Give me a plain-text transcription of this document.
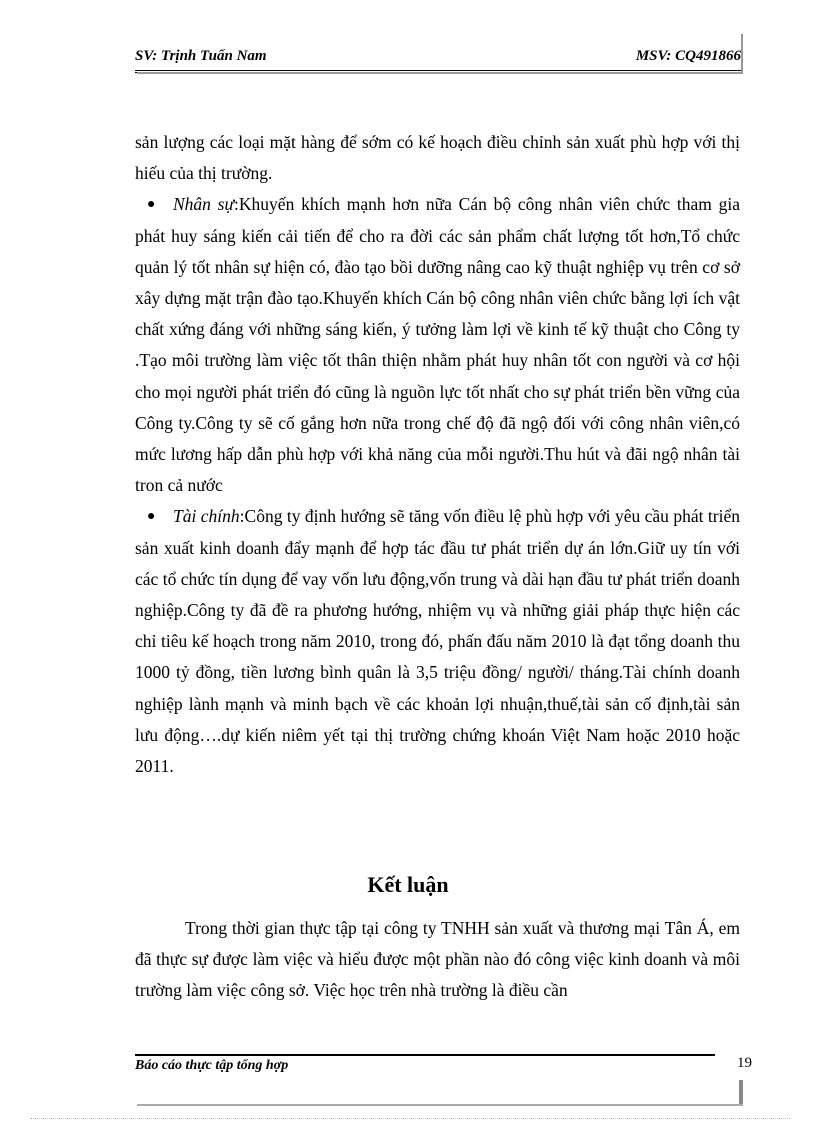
SV: Trịnh Tuấn Nam	MSV: CQ491866

sản lượng các loại mặt hàng để sớm có kế hoạch điều chỉnh sản xuất phù hợp với thị hiếu của thị trường.

●	Nhân sự:Khuyến khích mạnh hơn nữa Cán bộ công nhân viên chức tham gia phát huy sáng kiến cải tiến để cho ra đời các sản phẩm chất lượng tốt hơn,Tổ chức quản lý tốt nhân sự hiện có, đào tạo bồi dưỡng nâng cao kỹ thuật nghiệp vụ trên cơ sở xây dựng mặt trận đào tạo.Khuyến khích Cán bộ công nhân viên chức bằng lợi ích vật chất xứng đáng với những sáng kiến, ý tưởng làm lợi về kinh tế kỹ thuật cho Công ty .Tạo môi trường làm việc tốt thân thiện nhằm phát huy nhân tốt con người và cơ hội cho mọi người phát triển đó cũng là nguồn lực tốt nhất cho sự phát triển bền vững của Công ty.Công ty sẽ cố gắng hơn nữa trong chế độ đã ngộ đối với công nhân viên,có mức lương hấp dẫn phù hợp với khả năng của mỗi người.Thu hút và đãi ngộ nhân tài tron cả nước

●	Tài chính:Công ty định hướng sẽ tăng vốn điều lệ phù hợp với yêu cầu phát triển sản xuất kinh doanh đẩy mạnh để hợp tác đầu tư phát triển dự án lớn.Giữ uy tín với các tổ chức tín dụng để vay vốn lưu động,vốn trung và dài hạn đầu tư phát triển doanh nghiệp.Công ty đã đề ra phương hướng, nhiệm vụ và những giải pháp thực hiện các chỉ tiêu kế hoạch trong năm 2010, trong đó, phấn đấu năm 2010 là đạt tổng doanh thu 1000 tỷ đồng, tiền lương bình quân là 3,5 triệu đồng/ người/ tháng.Tài chính doanh nghiệp lành mạnh và minh bạch về các khoản lợi nhuận,thuế,tài sản cố định,tài sản lưu động….dự kiến niêm yết tại thị trường chứng khoán Việt Nam hoặc 2010 hoặc 2011.

Kết luận

Trong thời gian thực tập tại công ty TNHH sản xuất và thương mại Tân Á, em đã thực sự được làm việc và hiểu được một phần nào đó công việc kinh doanh và môi trường làm việc công sở. Việc học trên nhà trường là điều cần

Báo cáo thực tập tổng hợp	19
